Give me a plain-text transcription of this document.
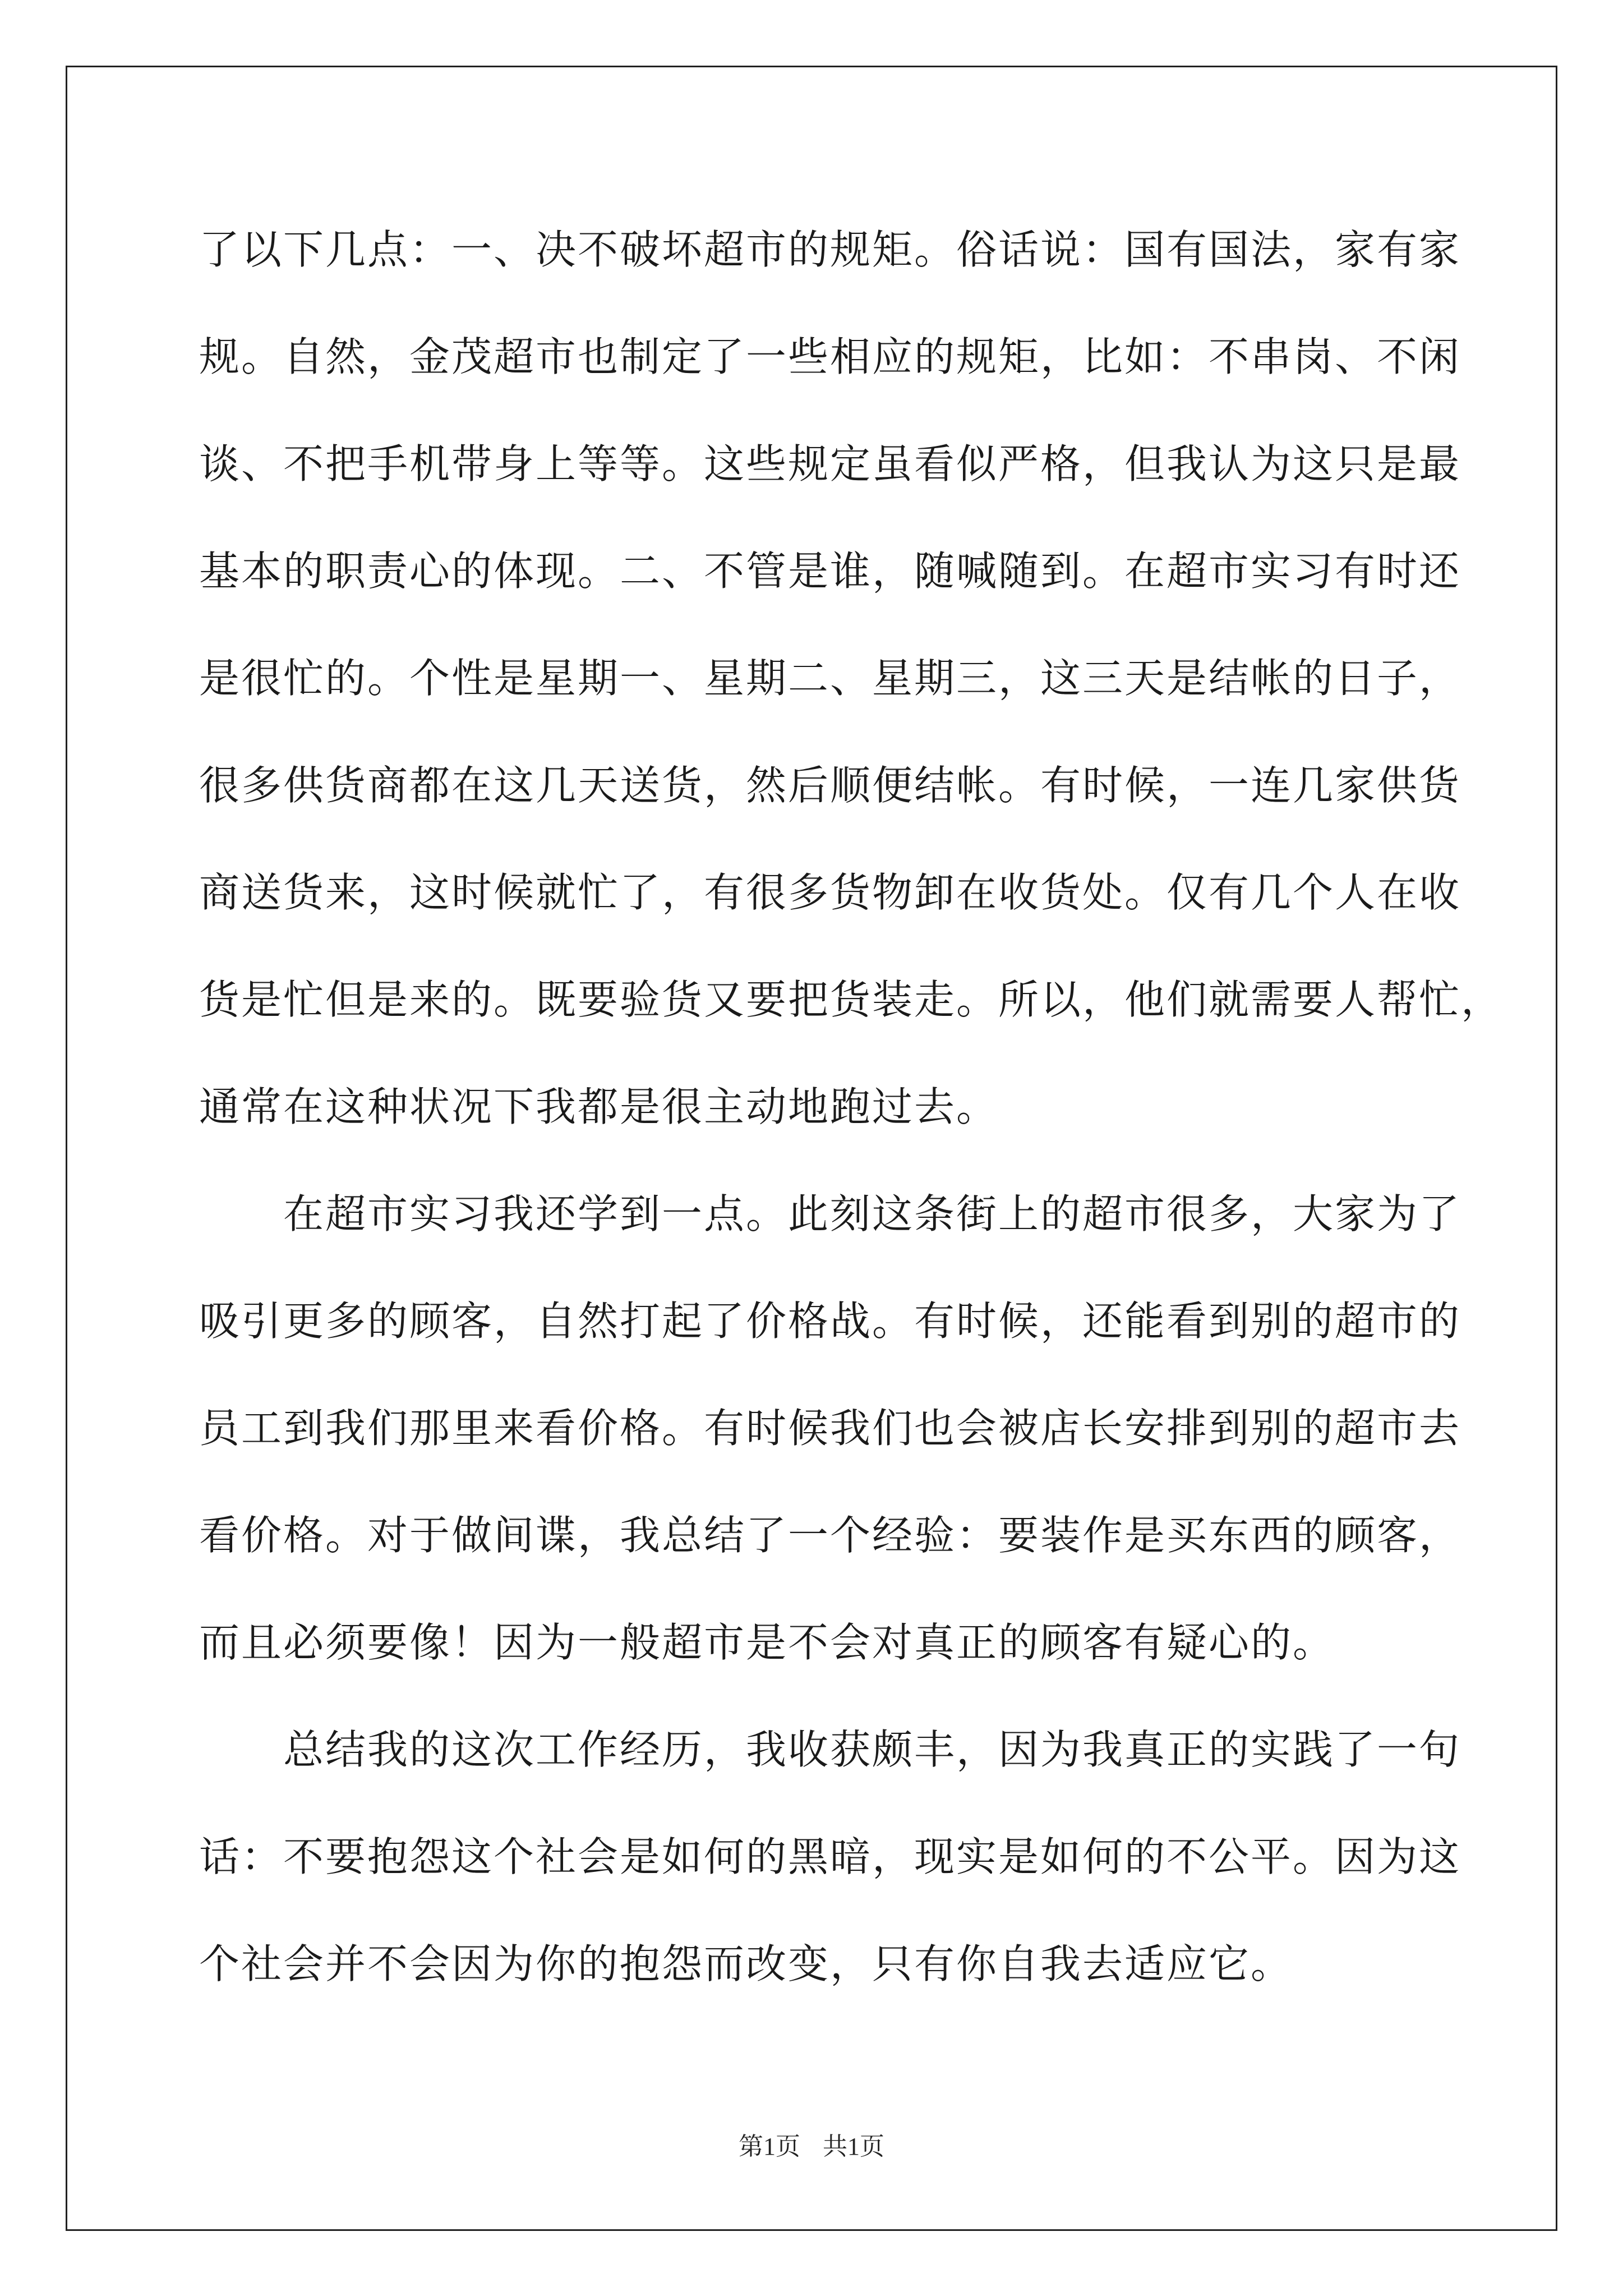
了以下几点：一、决不破坏超市的规矩。俗话说：国有国法，家有家
规。自然，金茂超市也制定了一些相应的规矩，比如：不串岗、不闲
谈、不把手机带身上等等。这些规定虽看似严格，但我认为这只是最
基本的职责心的体现。二、不管是谁，随喊随到。在超市实习有时还
是很忙的。个性是星期一、星期二、星期三，这三天是结帐的日子，
很多供货商都在这几天送货，然后顺便结帐。有时候，一连几家供货
商送货来，这时候就忙了，有很多货物卸在收货处。仅有几个人在收
货是忙但是来的。既要验货又要把货装走。所以，他们就需要人帮忙，
通常在这种状况下我都是很主动地跑过去。
在超市实习我还学到一点。此刻这条街上的超市很多，大家为了
吸引更多的顾客，自然打起了价格战。有时候，还能看到别的超市的
员工到我们那里来看价格。有时候我们也会被店长安排到别的超市去
看价格。对于做间谍，我总结了一个经验：要装作是买东西的顾客，
而且必须要像！因为一般超市是不会对真正的顾客有疑心的。
总结我的这次工作经历，我收获颇丰，因为我真正的实践了一句
话：不要抱怨这个社会是如何的黑暗，现实是如何的不公平。因为这
个社会并不会因为你的抱怨而改变，只有你自我去适应它。
第1页 共1页
